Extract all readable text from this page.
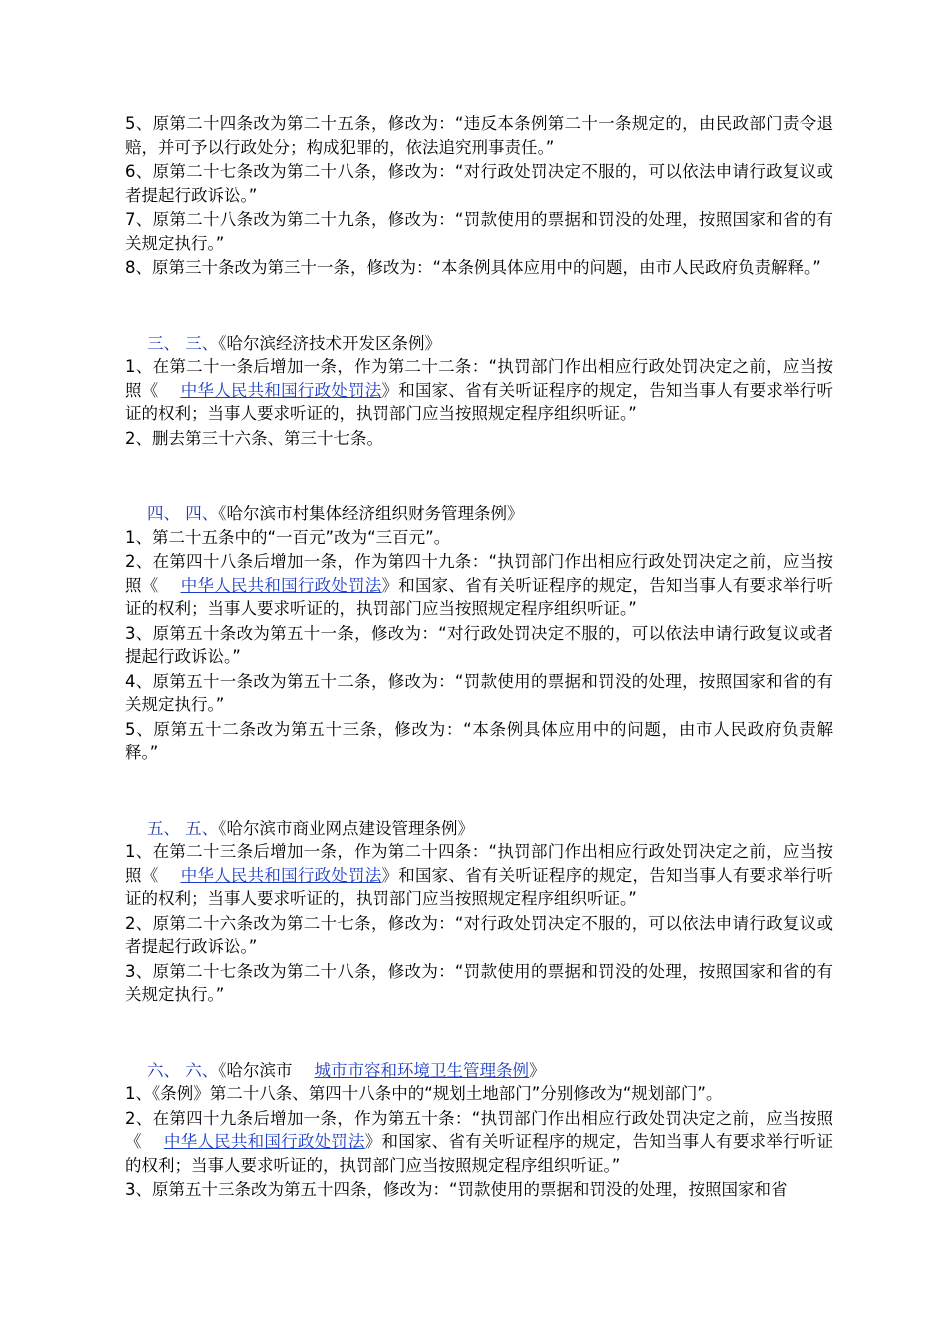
5、原第二十四条改为第二十五条，修改为：“违反本条例第二十一条规定的，由民政部门责令退赔，并可予以行政处分；构成犯罪的，依法追究刑事责任。”

6、原第二十七条改为第二十八条，修改为：“对行政处罚决定不服的，可以依法申请行政复议或者提起行政诉讼。”

7、原第二十八条改为第二十九条，修改为：“罚款使用的票据和罚没的处理，按照国家和省的有关规定执行。”

8、原第三十条改为第三十一条，修改为：“本条例具体应用中的问题，由市人民政府负责解释。”

三、 三、《哈尔滨经济技术开发区条例》

1、在第二十一条后增加一条，作为第二十二条：“执罚部门作出相应行政处罚决定之前，应当按照《 中华人民共和国行政处罚法》和国家、省有关听证程序的规定，告知当事人有要求举行听证的权利；当事人要求听证的，执罚部门应当按照规定程序组织听证。”

2、删去第三十六条、第三十七条。

四、 四、《哈尔滨市村集体经济组织财务管理条例》

1、第二十五条中的“一百元”改为“三百元”。

2、在第四十八条后增加一条，作为第四十九条：“执罚部门作出相应行政处罚决定之前，应当按照《 中华人民共和国行政处罚法》和国家、省有关听证程序的规定，告知当事人有要求举行听证的权利；当事人要求听证的，执罚部门应当按照规定程序组织听证。”

3、原第五十条改为第五十一条，修改为：“对行政处罚决定不服的，可以依法申请行政复议或者提起行政诉讼。”

4、原第五十一条改为第五十二条，修改为：“罚款使用的票据和罚没的处理，按照国家和省的有关规定执行。”

5、原第五十二条改为第五十三条，修改为：“本条例具体应用中的问题，由市人民政府负责解释。”

五、 五、《哈尔滨市商业网点建设管理条例》

1、在第二十三条后增加一条，作为第二十四条：“执罚部门作出相应行政处罚决定之前，应当按照《 中华人民共和国行政处罚法》和国家、省有关听证程序的规定，告知当事人有要求举行听证的权利；当事人要求听证的，执罚部门应当按照规定程序组织听证。”

2、原第二十六条改为第二十七条，修改为：“对行政处罚决定不服的，可以依法申请行政复议或者提起行政诉讼。”

3、原第二十七条改为第二十八条，修改为：“罚款使用的票据和罚没的处理，按照国家和省的有关规定执行。”

六、 六、《哈尔滨市 城市市容和环境卫生管理条例》

1、《条例》第二十八条、第四十八条中的“规划土地部门”分别修改为“规划部门”。

2、在第四十九条后增加一条，作为第五十条：“执罚部门作出相应行政处罚决定之前，应当按照《 中华人民共和国行政处罚法》和国家、省有关听证程序的规定，告知当事人有要求举行听证的权利；当事人要求听证的，执罚部门应当按照规定程序组织听证。”

3、原第五十三条改为第五十四条，修改为：“罚款使用的票据和罚没的处理，按照国家和省
